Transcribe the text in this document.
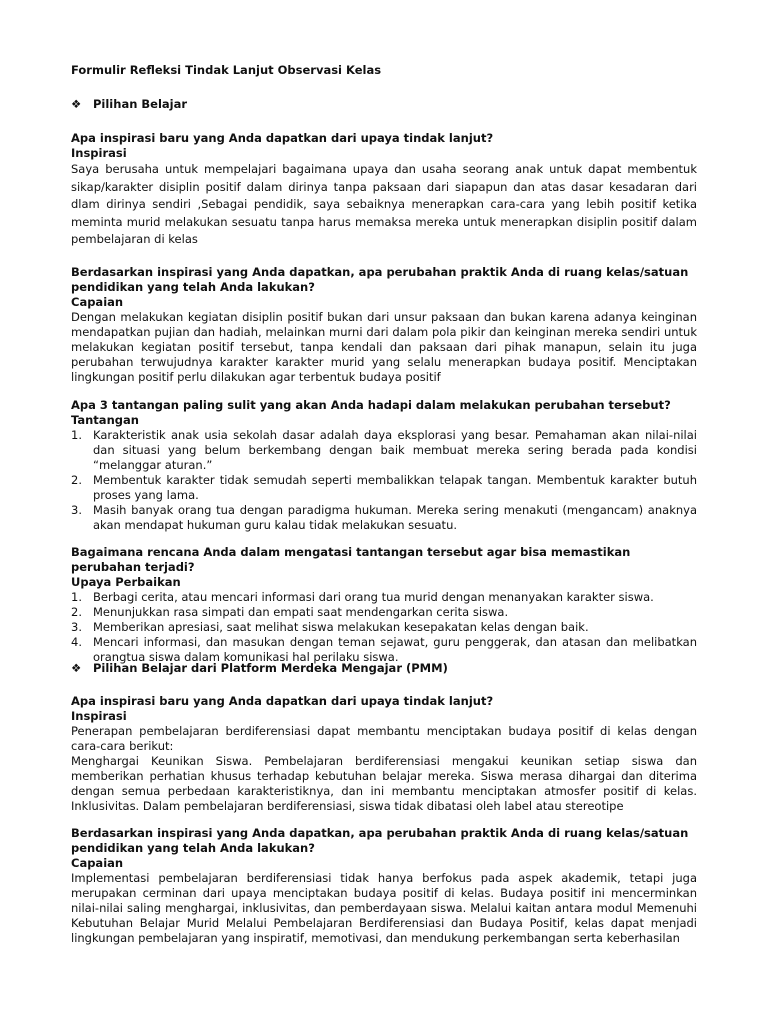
Formulir Refleksi Tindak Lanjut Observasi Kelas
❖ Pilihan Belajar
Apa inspirasi baru yang Anda dapatkan dari upaya tindak lanjut?
Inspirasi
Saya berusaha untuk mempelajari bagaimana upaya dan usaha seorang anak untuk dapat membentuk sikap/karakter disiplin positif dalam dirinya tanpa paksaan dari siapapun dan atas dasar kesadaran dari dlam dirinya sendiri ,Sebagai pendidik, saya sebaiknya menerapkan cara-cara yang lebih positif ketika meminta murid melakukan sesuatu tanpa harus memaksa mereka untuk menerapkan disiplin positif dalam pembelajaran di kelas
Berdasarkan inspirasi yang Anda dapatkan, apa perubahan praktik Anda di ruang kelas/satuan pendidikan yang telah Anda lakukan?
Capaian
Dengan melakukan kegiatan disiplin positif bukan dari unsur paksaan dan bukan karena adanya keinginan mendapatkan pujian dan hadiah, melainkan murni dari dalam pola pikir dan keinginan mereka sendiri untuk melakukan kegiatan positif tersebut, tanpa kendali dan paksaan dari pihak manapun, selain itu juga perubahan terwujudnya karakter karakter murid yang selalu menerapkan budaya positif. Menciptakan lingkungan positif perlu dilakukan agar terbentuk budaya positif
Apa 3 tantangan paling sulit yang akan Anda hadapi dalam melakukan perubahan tersebut?
Tantangan
1. Karakteristik anak usia sekolah dasar adalah daya eksplorasi yang besar. Pemahaman akan nilai-nilai dan situasi yang belum berkembang dengan baik membuat mereka sering berada pada kondisi “melanggar aturan.”
2. Membentuk karakter tidak semudah seperti membalikkan telapak tangan. Membentuk karakter butuh proses yang lama.
3. Masih banyak orang tua dengan paradigma hukuman. Mereka sering menakuti (mengancam) anaknya akan mendapat hukuman guru kalau tidak melakukan sesuatu.
Bagaimana rencana Anda dalam mengatasi tantangan tersebut agar bisa memastikan perubahan terjadi?
Upaya Perbaikan
1. Berbagi cerita, atau mencari informasi dari orang tua murid dengan menanyakan karakter siswa.
2. Menunjukkan rasa simpati dan empati saat mendengarkan cerita siswa.
3. Memberikan apresiasi, saat melihat siswa melakukan kesepakatan kelas dengan baik.
4. Mencari informasi, dan masukan dengan teman sejawat, guru penggerak, dan atasan dan melibatkan orangtua siswa dalam komunikasi hal perilaku siswa.
❖ Pilihan Belajar dari Platform Merdeka Mengajar (PMM)
Apa inspirasi baru yang Anda dapatkan dari upaya tindak lanjut?
Inspirasi
Penerapan pembelajaran berdiferensiasi dapat membantu menciptakan budaya positif di kelas dengan cara-cara berikut:
Menghargai Keunikan Siswa. Pembelajaran berdiferensiasi mengakui keunikan setiap siswa dan memberikan perhatian khusus terhadap kebutuhan belajar mereka. Siswa merasa dihargai dan diterima dengan semua perbedaan karakteristiknya, dan ini membantu menciptakan atmosfer positif di kelas. Inklusivitas. Dalam pembelajaran berdiferensiasi, siswa tidak dibatasi oleh label atau stereotipe
Berdasarkan inspirasi yang Anda dapatkan, apa perubahan praktik Anda di ruang kelas/satuan pendidikan yang telah Anda lakukan?
Capaian
Implementasi pembelajaran berdiferensiasi tidak hanya berfokus pada aspek akademik, tetapi juga merupakan cerminan dari upaya menciptakan budaya positif di kelas. Budaya positif ini mencerminkan nilai-nilai saling menghargai, inklusivitas, dan pemberdayaan siswa. Melalui kaitan antara modul Memenuhi Kebutuhan Belajar Murid Melalui Pembelajaran Berdiferensiasi dan Budaya Positif, kelas dapat menjadi lingkungan pembelajaran yang inspiratif, memotivasi, dan mendukung perkembangan serta keberhasilan
